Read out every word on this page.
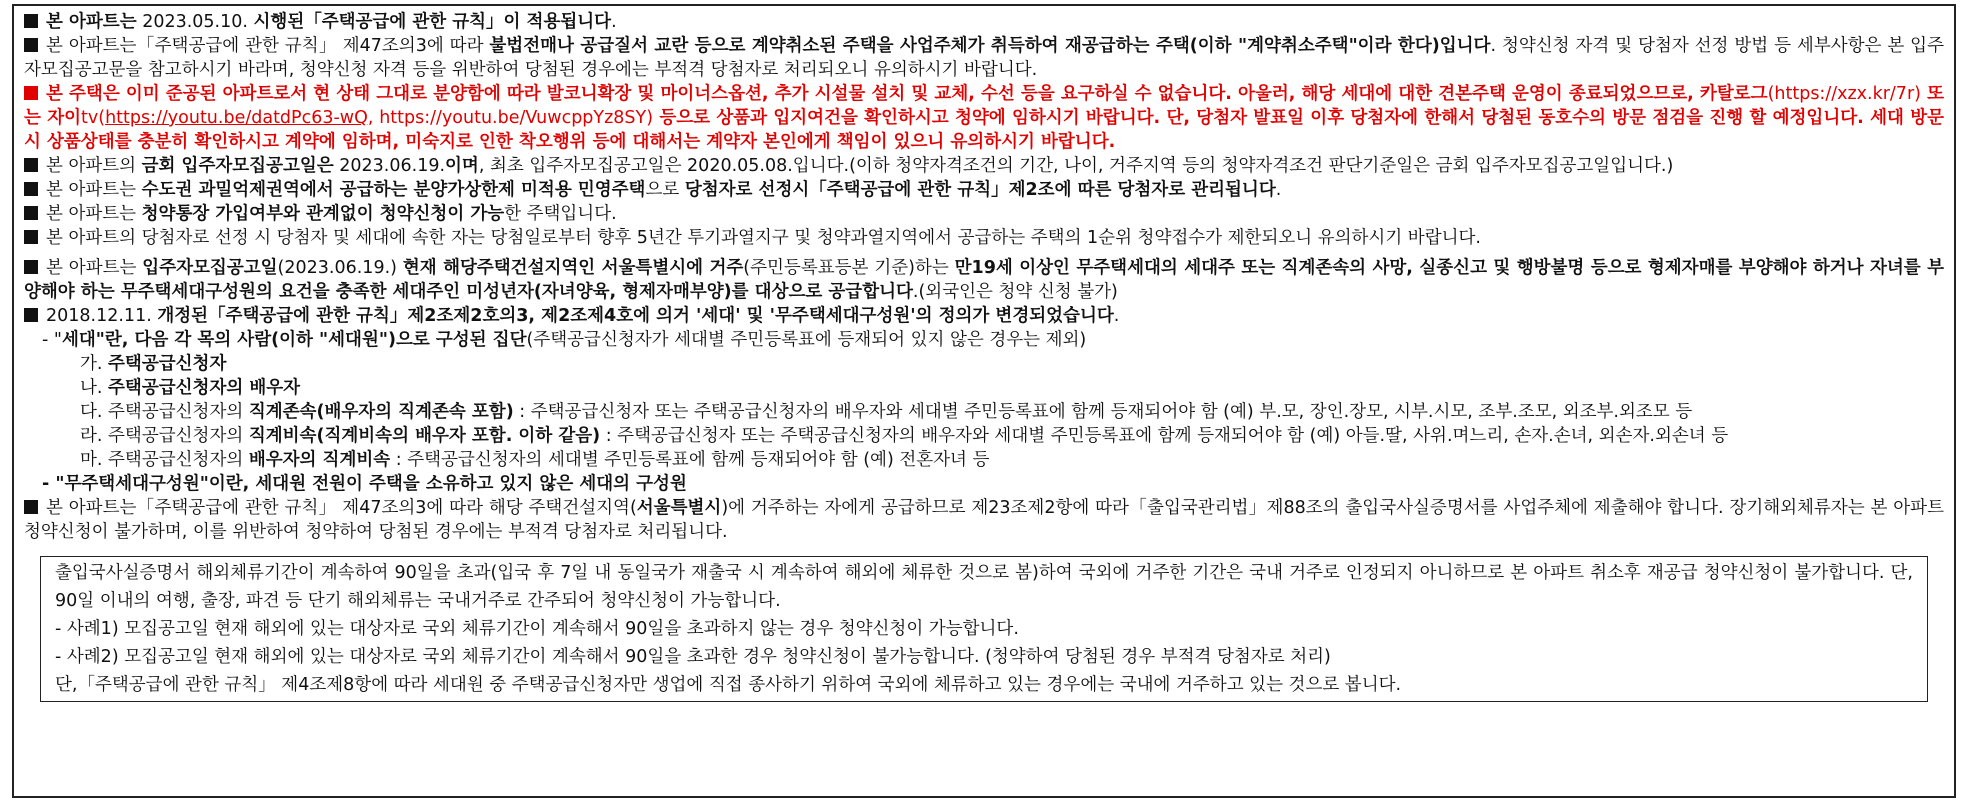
본 아파트는 2023.05.10. 시행된「주택공급에 관한 규칙」이 적용됩니다.
본 아파트는「주택공급에 관한 규칙」 제47조의3에 따라 불법전매나 공급질서 교란 등으로 계약취소된 주택을 사업주체가 취득하여 재공급하는 주택(이하 "계약취소주택"이라 한다)입니다. 청약신청 자격 및 당첨자 선정 방법 등 세부사항은 본 입주자모집공고문을 참고하시기 바라며, 청약신청 자격 등을 위반하여 당첨된 경우에는 부적격 당첨자로 처리되오니 유의하시기 바랍니다.
본 주택은 이미 준공된 아파트로서 현 상태 그대로 분양함에 따라 발코니확장 및 마이너스옵션, 추가 시설물 설치 및 교체, 수선 등을 요구하실 수 없습니다. 아울러, 해당 세대에 대한 견본주택 운영이 종료되었으므로, 카탈로그(https://xzx.kr/7r) 또는 자이tv(https://youtu.be/datdPc63-wQ, https://youtu.be/VuwcppYz8SY) 등으로 상품과 입지여건을 확인하시고 청약에 임하시기 바랍니다. 단, 당첨자 발표일 이후 당첨자에 한해서 당첨된 동호수의 방문 점검을 진행 할 예정입니다. 세대 방문시 상품상태를 충분히 확인하시고 계약에 임하며, 미숙지로 인한 착오행위 등에 대해서는 계약자 본인에게 책임이 있으니 유의하시기 바랍니다.
본 아파트의 금회 입주자모집공고일은 2023.06.19.이며, 최초 입주자모집공고일은 2020.05.08.입니다.(이하 청약자격조건의 기간, 나이, 거주지역 등의 청약자격조건 판단기준일은 금회 입주자모집공고일입니다.)
본 아파트는 수도권 과밀억제권역에서 공급하는 분양가상한제 미적용 민영주택으로 당첨자로 선정시「주택공급에 관한 규칙」제2조에 따른 당첨자로 관리됩니다.
본 아파트는 청약통장 가입여부와 관계없이 청약신청이 가능한 주택입니다.
본 아파트의 당첨자로 선정 시 당첨자 및 세대에 속한 자는 당첨일로부터 향후 5년간 투기과열지구 및 청약과열지역에서 공급하는 주택의 1순위 청약접수가 제한되오니 유의하시기 바랍니다.
본 아파트는 입주자모집공고일(2023.06.19.) 현재 해당주택건설지역인 서울특별시에 거주(주민등록표등본 기준)하는 만19세 이상인 무주택세대의 세대주 또는 직계존속의 사망, 실종신고 및 행방불명 등으로 형제자매를 부양해야 하거나 자녀를 부양해야 하는 무주택세대구성원의 요건을 충족한 세대주인 미성년자(자녀양육, 형제자매부양)를 대상으로 공급합니다.(외국인은 청약 신청 불가)
2018.12.11. 개정된「주택공급에 관한 규칙」제2조제2호의3, 제2조제4호에 의거 '세대' 및 '무주택세대구성원'의 정의가 변경되었습니다.
- "세대"란, 다음 각 목의 사람(이하 "세대원")으로 구성된 집단(주택공급신청자가 세대별 주민등록표에 등재되어 있지 않은 경우는 제외)
가. 주택공급신청자
나. 주택공급신청자의 배우자
다. 주택공급신청자의 직계존속(배우자의 직계존속 포함) : 주택공급신청자 또는 주택공급신청자의 배우자와 세대별 주민등록표에 함께 등재되어야 함 (예) 부.모, 장인.장모, 시부.시모, 조부.조모, 외조부.외조모 등
라. 주택공급신청자의 직계비속(직계비속의 배우자 포함. 이하 같음) : 주택공급신청자 또는 주택공급신청자의 배우자와 세대별 주민등록표에 함께 등재되어야 함 (예) 아들.딸, 사위.며느리, 손자.손녀, 외손자.외손녀 등
마. 주택공급신청자의 배우자의 직계비속 : 주택공급신청자의 세대별 주민등록표에 함께 등재되어야 함 (예) 전혼자녀 등
- "무주택세대구성원"이란, 세대원 전원이 주택을 소유하고 있지 않은 세대의 구성원
본 아파트는「주택공급에 관한 규칙」 제47조의3에 따라 해당 주택건설지역(서울특별시)에 거주하는 자에게 공급하므로 제23조제2항에 따라「출입국관리법」제88조의 출입국사실증명서를 사업주체에 제출해야 합니다. 장기해외체류자는 본 아파트 청약신청이 불가하며, 이를 위반하여 청약하여 당첨된 경우에는 부적격 당첨자로 처리됩니다.
출입국사실증명서 해외체류기간이 계속하여 90일을 초과(입국 후 7일 내 동일국가 재출국 시 계속하여 해외에 체류한 것으로 봄)하여 국외에 거주한 기간은 국내 거주로 인정되지 아니하므로 본 아파트 취소후 재공급 청약신청이 불가합니다. 단, 90일 이내의 여행, 출장, 파견 등 단기 해외체류는 국내거주로 간주되어 청약신청이 가능합니다.
- 사례1) 모집공고일 현재 해외에 있는 대상자로 국외 체류기간이 계속해서 90일을 초과하지 않는 경우 청약신청이 가능합니다.
- 사례2) 모집공고일 현재 해외에 있는 대상자로 국외 체류기간이 계속해서 90일을 초과한 경우 청약신청이 불가능합니다. (청약하여 당첨된 경우 부적격 당첨자로 처리)
단,「주택공급에 관한 규칙」 제4조제8항에 따라 세대원 중 주택공급신청자만 생업에 직접 종사하기 위하여 국외에 체류하고 있는 경우에는 국내에 거주하고 있는 것으로 봅니다.
